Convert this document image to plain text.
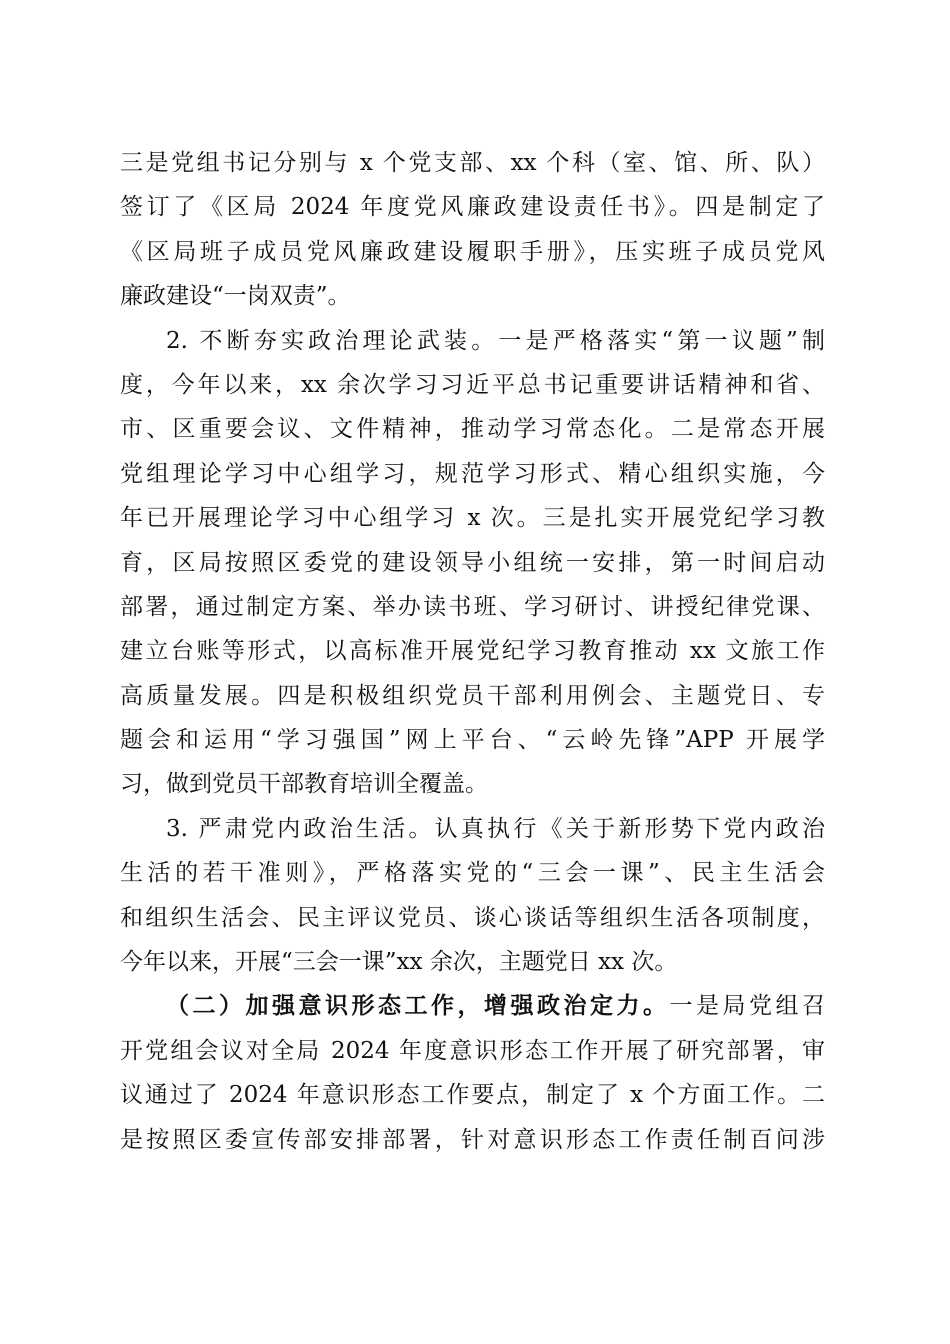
三是党组书记分别与 x 个党支部、xx 个科（室、馆、所、队）
签订了《区局 2024 年度党风廉政建设责任书》。四是制定了
《区局班子成员党风廉政建设履职手册》，压实班子成员党风
廉政建设“一岗双责”。
2. 不断夯实政治理论武装。一是严格落实“第一议题”制
度，今年以来，xx 余次学习习近平总书记重要讲话精神和省、
市、区重要会议、文件精神，推动学习常态化。二是常态开展
党组理论学习中心组学习，规范学习形式、精心组织实施，今
年已开展理论学习中心组学习 x 次。三是扎实开展党纪学习教
育，区局按照区委党的建设领导小组统一安排，第一时间启动
部署，通过制定方案、举办读书班、学习研讨、讲授纪律党课、
建立台账等形式，以高标准开展党纪学习教育推动 xx 文旅工作
高质量发展。四是积极组织党员干部利用例会、主题党日、专
题会和运用“学习强国”网上平台、“云岭先锋”APP 开展学
习，做到党员干部教育培训全覆盖。
3. 严肃党内政治生活。认真执行《关于新形势下党内政治
生活的若干准则》，严格落实党的“三会一课”、民主生活会
和组织生活会、民主评议党员、谈心谈话等组织生活各项制度，
今年以来，开展“三会一课”xx 余次，主题党日 xx 次。
（二）加强意识形态工作，增强政治定力。一是局党组召
开党组会议对全局 2024 年度意识形态工作开展了研究部署，审
议通过了 2024 年意识形态工作要点，制定了 x 个方面工作。二
是按照区委宣传部安排部署，针对意识形态工作责任制百问涉
